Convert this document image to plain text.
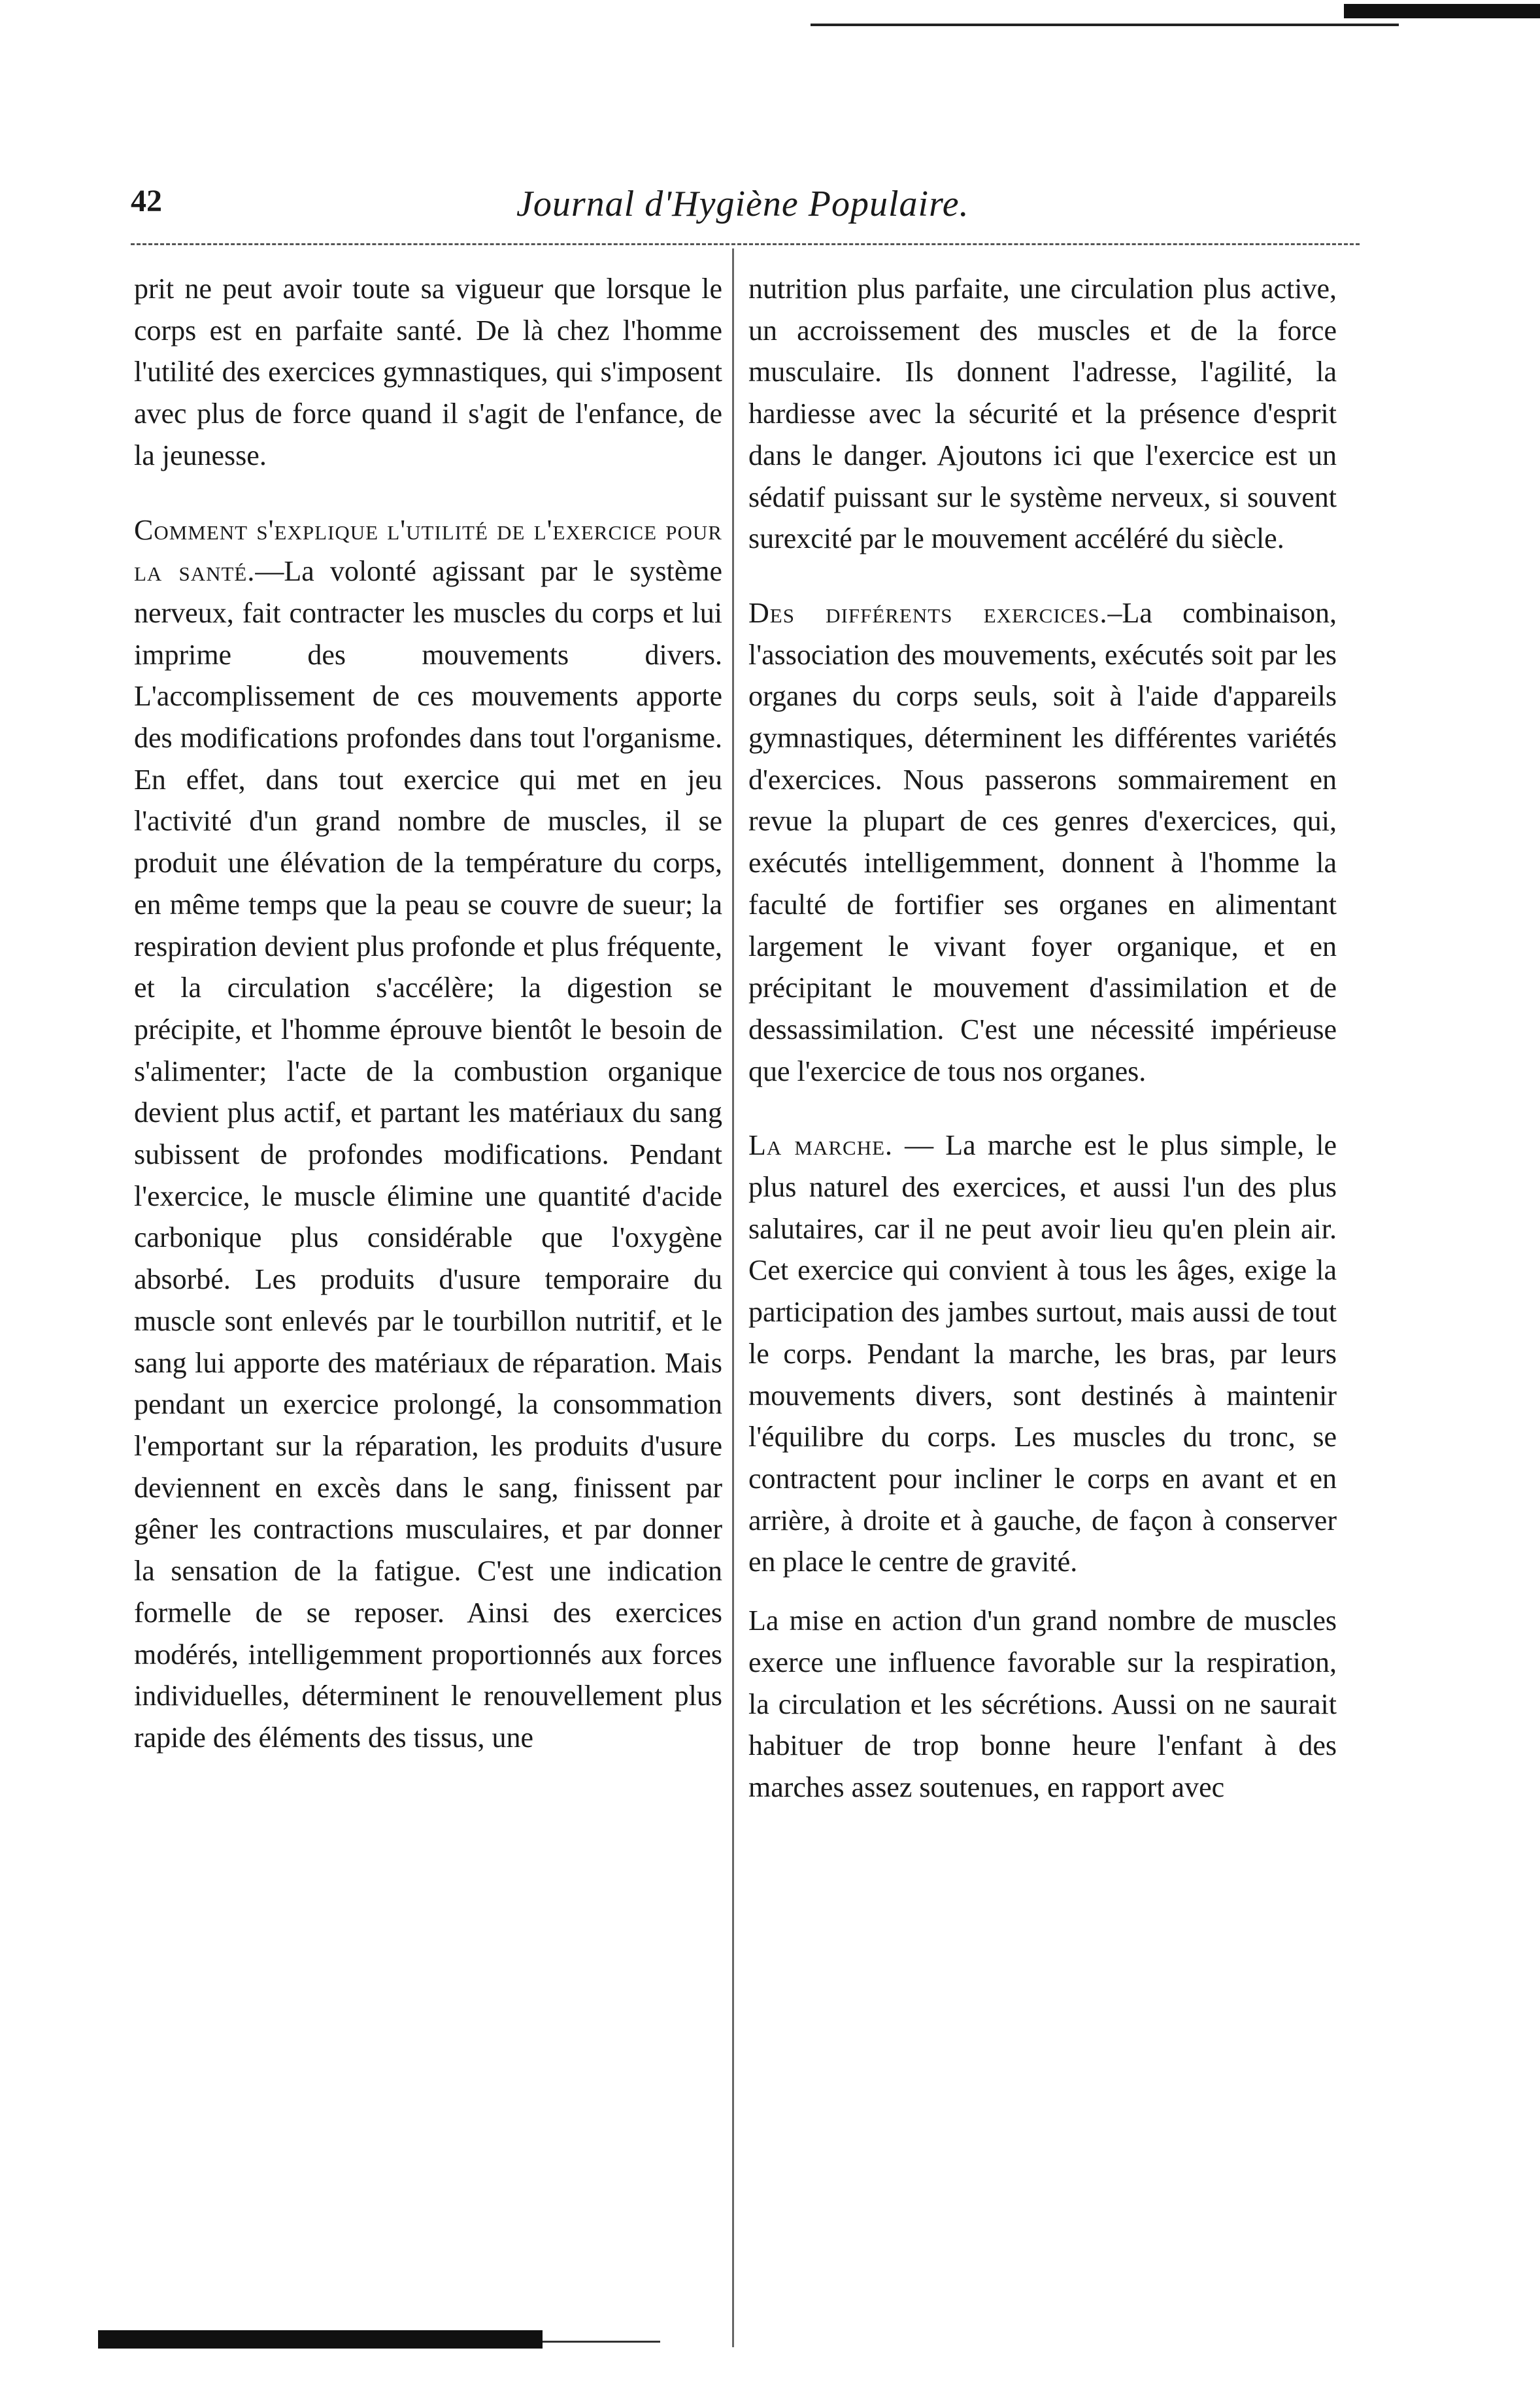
42	Journal d'Hygiène Populaire.

prit ne peut avoir toute sa vigueur que lorsque le corps est en parfaite santé. De là chez l'homme l'utilité des exercices gymnastiques, qui s'imposent avec plus de force quand il s'agit de l'enfance, de la jeunesse.

Comment s'expliq​ue l'utilité de l'exercice pour la santé.—La volonté agissant par le système nerveux, fait contracter les muscles du corps et lui imprime des mouvements divers. L'accomplissement de ces mouvements apporte des modifications profondes dans tout l'organisme. En effet, dans tout exercice qui met en jeu l'activité d'un grand nombre de muscles, il se produit une élévation de la température du corps, en même temps que la peau se couvre de sueur; la respiration devient plus profonde et plus fréquente, et la circulation s'accélère; la digestion se précipite, et l'homme éprouve bientôt le besoin de s'alimenter; l'acte de la combustion organique devient plus actif, et partant les matériaux du sang subissent de profondes modifications. Pendant l'exercice, le muscle élimine une quantité d'acide carbonique plus considérable que l'oxygène absorbé. Les produits d'usure temporaire du muscle sont enlevés par le tourbillon nutritif, et le sang lui apporte des matériaux de réparation. Mais pendant un exercice prolongé, la consommation l'emportant sur la réparation, les produits d'usure deviennent en excès dans le sang, finissent par gêner les contractions musculaires, et par donner la sensation de la fatigue. C'est une indication formelle de se reposer. Ainsi des exercices modérés, intelligemment proportionnés aux forces individuelles, déterminent le renouvellement plus rapide des éléments des tissus, une

nutrition plus parfaite, une circulation plus active, un accroissement des muscles et de la force musculaire. Ils donnent l'adresse, l'agilité, la hardiesse avec la sécurité et la présence d'esprit dans le danger. Ajoutons ici que l'exercice est un sédatif puissant sur le système nerveux, si souvent surexcité par le mouvement accéléré du siècle.

Des différents exercices.–La combinaison, l'association des mouvements, exécutés soit par les organes du corps seuls, soit à l'aide d'appareils gymnastiques, déterminent les différentes variétés d'exercices. Nous passerons sommairement en revue la plupart de ces genres d'exercices, qui, exécutés intelligemment, donnent à l'homme la faculté de fortifier ses organes en alimentant largement le vivant foyer organique, et en précipitant le mouvement d'assimilation et de dessassimilation. C'est une nécessité impérieuse que l'exercice de tous nos organes.

La marche. — La marche est le plus simple, le plus naturel des exercices, et aussi l'un des plus salutaires, car il ne peut avoir lieu qu'en plein air. Cet exercice qui convient à tous les âges, exige la participation des jambes surtout, mais aussi de tout le corps. Pendant la marche, les bras, par leurs mouvements divers, sont destinés à maintenir l'équilibre du corps. Les muscles du tronc, se contractent pour incliner le corps en avant et en arrière, à droite et à gauche, de façon à conserver en place le centre de gravité.

La mise en action d'un grand nombre de muscles exerce une influence favorable sur la respiration, la circulation et les sécrétions. Aussi on ne saurait habituer de trop bonne heure l'enfant à des marches assez soutenues, en rapport avec
